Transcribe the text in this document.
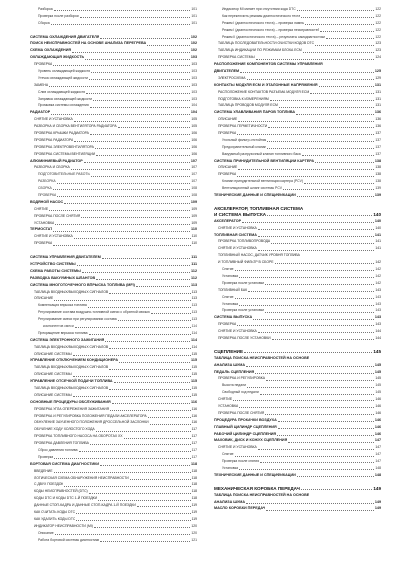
Разборка	101
Проверка после разборки	101
Сборка	101
СИСТЕМА ОХЛАЖДЕНИЯ ДВИГАТЕЛЯ	102
ПОИСК НЕИСПРАВНОСТЕЙ НА ОСНОВЕ АНАЛИЗА ПЕРЕГРЕВА	102
СХЕМА ОХЛАЖДЕНИЯ	102
ОХЛАЖДАЮЩАЯ ЖИДКОСТЬ	103
ПРОВЕРКА	103
Уровень охлаждающей жидкости	103
Утечка охлаждающей жидкости	103
ЗАМЕНА	103
Слив охлаждающей жидкости	103
Заправка охлаждающей жидкости	103
Промывка системы охлаждения	104
РАДИАТОР	104
СНЯТИЕ И УСТАНОВКА	105
РАЗБОРКА И СБОРКА ВЕНТИЛЯТОРА РАДИАТОРА	105
ПРОВЕРКА КРЫШКИ РАДИАТОРА	106
ПРОВЕРКА РАДИАТОРА	106
ПРОВЕРКА ЭЛЕКТРОВЕНТИЛЯТОРА	106
ПРОВЕРКА СИСТЕМЫ ВЕНТИЛЯЦИИ	106
АЛЮМИНИЕВЫЙ РАДИАТОР	107
РАЗБОРКА И СБОРКА	107
ПОДГОТОВИТЕЛЬНЫЕ РАБОТЫ	107
РАЗБОРКА	107
СБОРКА	108
ПРОВЕРКА	108
ВОДЯНОЙ НАСОС	109
СНЯТИЕ	109
ПРОВЕРКА ПОСЛЕ СНЯТИЯ	109
УСТАНОВКА	109
ТЕРМОСТАТ	110
СНЯТИЕ И УСТАНОВКА	110
ПРОВЕРКА	110
СИСТЕМА УПРАВЛЕНИЯ ДВИГАТЕЛЕМ	111
УСТРОЙСТВО СИСТЕМЫ	111
СХЕМА РАБОТЫ СИСТЕМЫ	112
РАЗВОДКА ВАКУУМНЫХ ШЛАНГОВ	112
СИСТЕМА МНОГОТОЧЕЧНОГО ВПРЫСКА ТОПЛИВА (MFI)	113
ТАБЛИЦА ВХОДНЫХ/ВЫХОДНЫХ СИГНАЛОВ	113
ОПИСАНИЕ	113
Компенсация впрыска топлива	113
Регулирование состава воздушно-топливной смеси с обратной связью	113
Регулирование смеси при регулировании состава	113
компонентов смеси	114
Прекращение впрыска топлива	114
СИСТЕМА ЭЛЕКТРОННОГО ЗАЖИГАНИЯ	114
ТАБЛИЦА ВХОДНЫХ/ВЫХОДНЫХ СИГНАЛОВ	114
ОПИСАНИЕ СИСТЕМЫ	115
УПРАВЛЕНИЕ ОТКЛЮЧЕНИЕМ КОНДИЦИОНЕРА	115
ТАБЛИЦА ВХОДНЫХ/ВЫХОДНЫХ СИГНАЛОВ	115
ОПИСАНИЕ СИСТЕМЫ	115
УПРАВЛЕНИЕ ОТСЕЧКОЙ ПОДАЧИ ТОПЛИВА	115
ТАБЛИЦА ВХОДНЫХ/ВЫХОДНЫХ СИГНАЛОВ	115
ОПИСАНИЕ СИСТЕМЫ	115
ОСНОВНЫЕ ПРОЦЕДУРЫ ОБСЛУЖИВАНИЯ	116
ПРОВЕРКА УГЛА ОПЕРЕЖЕНИЯ ЗАЖИГАНИЯ	116
ПРОВЕРКА И РЕГУЛИРОВКА ПОЛОЖЕНИЯ ПЕДАЛИ АКСЕЛЕРАТОРА	116
ОБНУЛЕНИЕ ЗАУЧЕННОГО ПОЛОЖЕНИЯ ДРОССЕЛЬНОЙ ЗАСЛОНКИ	116
ОБУЧЕНИЕ ХОДУ ХОЛОСТОГО ХОДА	117
ПРОВЕРКА ТОПЛИВНОГО НАСОСА НА ОБОРОТАХ ХХ	117
ПРОВЕРКА ДАВЛЕНИЯ ТОПЛИВА	117
Сброс давления топлива	117
Проверка	117
БОРТОВАЯ СИСТЕМА ДИАГНОСТИКИ	118
ВВЕДЕНИЕ	118
ЛОГИЧЕСКАЯ СХЕМА ОБНАРУЖЕНИЯ НЕИСПРАВНОСТИ	118
С ДВУХ ПОЕЗДОК	118
КОДЫ НЕИСПРАВНОСТЕЙ (DTC)	118
КОДЫ DTC И КОДЫ DTC 1-Й ПОЕЗДКИ	118
ДАННЫЕ СТОП-КАДРА И ДАННЫЕ СТОП-КАДРА 1-Й ПОЕЗДКИ	119
КАК СЧИТАТЬ КОДЫ DTC	119
КАК УДАЛИТЬ КОДЫ DTC	119
ИНДИКАТОР НЕИСПРАВНОСТИ (MI)	120
Описание	120
Работа бортовой системы диагностики	121
Индикатор MI мигает при отсутствии кода DTC	122
Как переключить режимы диагностического теста	122
Режим I (диагностического теста) – проверка лампы	122
Режим I (диагностического теста) – проверка неисправностей	122
Режим II (диагностического теста) – результаты самодиагностики	122
ТАБЛИЦА ПОСЛЕДОВАТЕЛЬНОСТИ ОЧИСТКИ КОДОВ DTC	123
ТАБЛИЦА ИНДИКАЦИИ ПО РЕЖИМАМ БЛОКА ECM	123
ПРОВЕРКА СИСТЕМЫ	124
РАСПОЛОЖЕНИЕ КОМПОНЕНТОВ СИСТЕМЫ УПРАВЛЕНИЯ
ДВИГАТЕЛЕМ	125
ЭЛЕКТРОСХЕМА	129
КОНТАКТЫ МОДУЛЯ ECM И ЭТАЛОННЫЕ НАПРЯЖЕНИЯ	131
РАСПОЛОЖЕНИЕ КОНТАКТОВ РАЗЪЕМА МОДУЛЯ ECM	131
ПОДГОТОВКА К ИЗМЕРЕНИЯМ	131
ТАБЛИЦА ПРОВОДОВ МОДУЛЯ ECM	131
СИСТЕМА УЛАВЛИВАНИЯ ПАРОВ ТОПЛИВА	136
ОПИСАНИЕ	136
ПРОВЕРКА ГЕРМЕТИЧНОСТИ	136
ПРОВЕРКА	137
Угольный фильтр-отстойник	137
Предохранительный клапан	137
Вакуумный разгрузочный клапан топливного бака	137
СИСТЕМА ПРИНУДИТЕЛЬНОЙ ВЕНТИЛЯЦИИ КАРТЕРА	138
ОПИСАНИЕ	138
ПРОВЕРКА	138
Клапан принудительной вентиляции картера (PCV)	138
Вентиляционный шланг системы PCV	139
ТЕХНИЧЕСКИЕ ДАННЫЕ И СПЕЦИФИКАЦИИ	139
АКСЕЛЕРАТОР, ТОПЛИВНАЯ СИСТЕМА
И СИСТЕМА ВЫПУСКА	140
АКСЕЛЕРАТОР	140
СНЯТИЕ И УСТАНОВКА	140
ТОПЛИВНАЯ СИСТЕМА	141
ПРОВЕРКА ТОПЛИВОПРОВОДА	141
СНЯТИЕ И УСТАНОВКА	141
ТОПЛИВНЫЙ НАСОС, ДАТЧИК УРОВНЯ ТОПЛИВА
И ТОПЛИВНЫЙ ФИЛЬТР В СБОРЕ	142
Снятие	142
Установка	142
Проверка после установки	142
ТОПЛИВНЫЙ БАК	143
Снятие	143
Установка	143
Проверка после установки	143
СИСТЕМА ВЫПУСКА	143
ПРОВЕРКА	143
СНЯТИЕ И УСТАНОВКА	144
ПРОВЕРКА ПОСЛЕ УСТАНОВКИ	144
СЦЕПЛЕНИЕ	145
ТАБЛИЦА ПОИСКА НЕИСПРАВНОСТЕЙ НА ОСНОВЕ
АНАЛИЗА ШУМА	145
ПЕДАЛЬ СЦЕПЛЕНИЯ	145
ПРОВЕРКА И РЕГУЛИРОВКА	145
Высота педали	145
Свободный ход педали	145
СНЯТИЕ	146
УСТАНОВКА	146
ПРОВЕРКА ПОСЛЕ СНЯТИЯ	146
ПРОЦЕДУРА ПРОКАЧКИ ВОЗДУХА	146
ГЛАВНЫЙ ЦИЛИНДР СЦЕПЛЕНИЯ	146
РАБОЧИЙ ЦИЛИНДР СЦЕПЛЕНИЯ	146
МАХОВИК, ДИСК И КОЖУХ СЦЕПЛЕНИЯ	147
СНЯТИЕ И УСТАНОВКА	147
Снятие	147
Проверка после снятия	147
Установка	148
ТЕХНИЧЕСКИЕ ДАННЫЕ И СПЕЦИФИКАЦИИ	148
МЕХАНИЧЕСКАЯ КОРОБКА ПЕРЕДАЧ	149
ТАБЛИЦА ПОИСКА НЕИСПРАВНОСТЕЙ НА ОСНОВЕ
АНАЛИЗА ШУМА	149
МАСЛО КОРОБКИ ПЕРЕДАЧ	149
